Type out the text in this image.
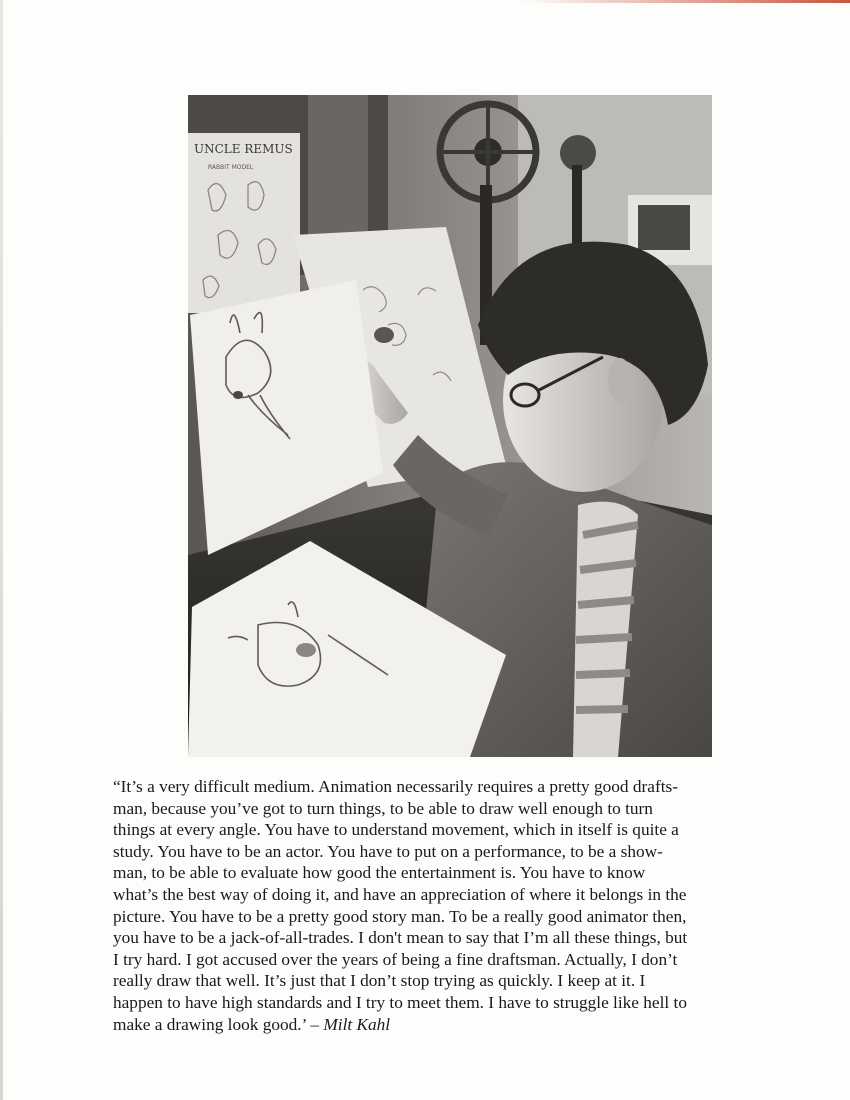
UNCLE REMUS
RABBIT MODEL

“It’s a very difficult medium. Animation necessarily requires a pretty good drafts-
man, because you’ve got to turn things, to be able to draw well enough to turn
things at every angle. You have to understand movement, which in itself is quite a
study. You have to be an actor. You have to put on a performance, to be a show-
man, to be able to evaluate how good the entertainment is. You have to know
what’s the best way of doing it, and have an appreciation of where it belongs in the
picture. You have to be a pretty good story man. To be a really good animator then,
you have to be a jack-of-all-trades. I don't mean to say that I’m all these things, but
I try hard. I got accused over the years of being a fine draftsman. Actually, I don’t
really draw that well. It’s just that I don’t stop trying as quickly. I keep at it. I
happen to have high standards and I try to meet them. I have to struggle like hell to
make a drawing look good.’ – Milt Kahl
